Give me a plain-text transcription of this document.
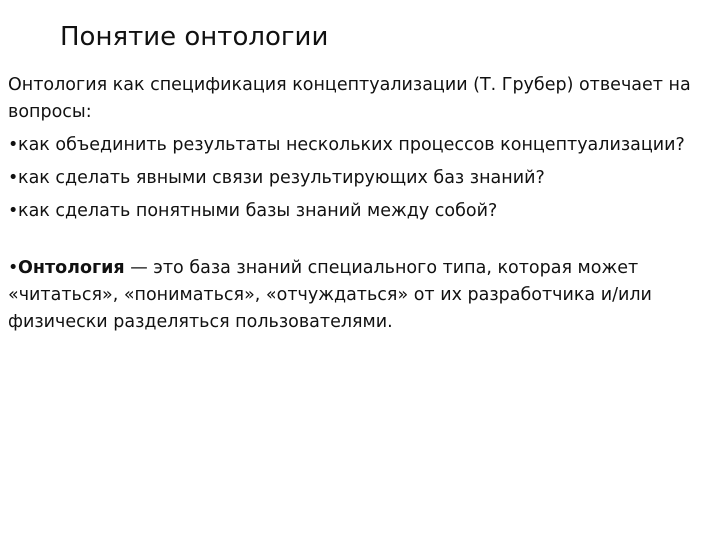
Понятие онтологии

Онтология как спецификация концептуализации (Т. Грубер) отвечает на вопросы:

•как объединить результаты нескольких процессов концептуализации?

•как сделать явными связи результирующих баз знаний?

•как сделать понятными базы знаний между собой?

•Онтология — это база знаний специального типа, которая может «читаться», «пониматься», «отчуждаться» от их разработчика и/или физически разделяться пользователями.
